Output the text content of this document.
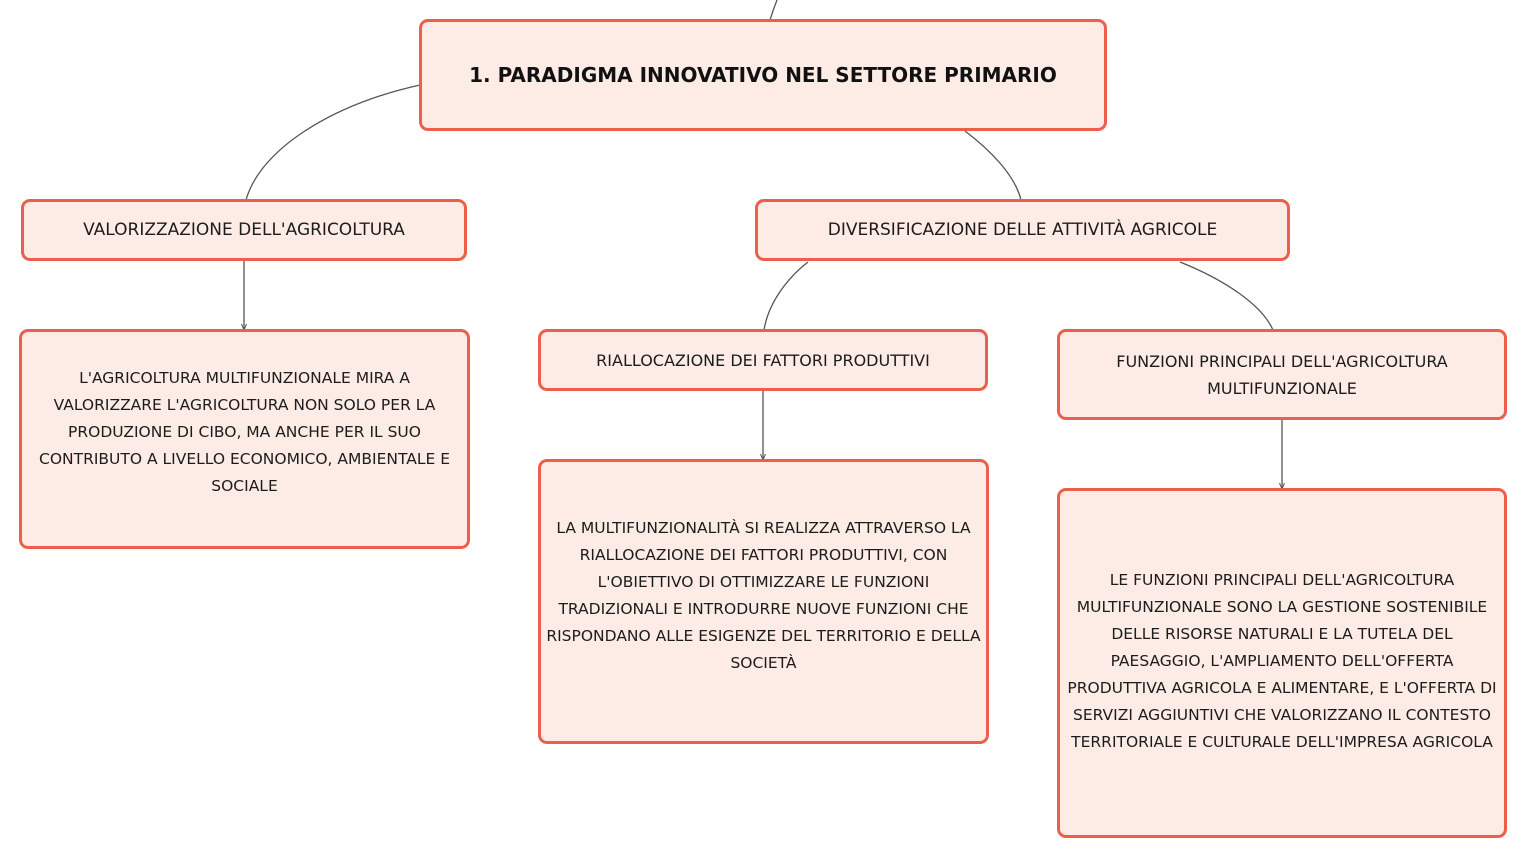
1. PARADIGMA INNOVATIVO NEL SETTORE PRIMARIO
VALORIZZAZIONE DELL'AGRICOLTURA	DIVERSIFICAZIONE DELLE ATTIVITÀ AGRICOLE
L'AGRICOLTURA MULTIFUNZIONALE MIRA A VALORIZZARE L'AGRICOLTURA NON SOLO PER LA PRODUZIONE DI CIBO, MA ANCHE PER IL SUO CONTRIBUTO A LIVELLO ECONOMICO, AMBIENTALE E SOCIALE
RIALLOCAZIONE DEI FATTORI PRODUTTIVI	FUNZIONI PRINCIPALI DELL'AGRICOLTURA MULTIFUNZIONALE
LA MULTIFUNZIONALITÀ SI REALIZZA ATTRAVERSO LA RIALLOCAZIONE DEI FATTORI PRODUTTIVI, CON L'OBIETTIVO DI OTTIMIZZARE LE FUNZIONI TRADIZIONALI E INTRODURRE NUOVE FUNZIONI CHE RISPONDANO ALLE ESIGENZE DEL TERRITORIO E DELLA SOCIETÀ
LE FUNZIONI PRINCIPALI DELL'AGRICOLTURA MULTIFUNZIONALE SONO LA GESTIONE SOSTENIBILE DELLE RISORSE NATURALI E LA TUTELA DEL PAESAGGIO, L'AMPLIAMENTO DELL'OFFERTA PRODUTTIVA AGRICOLA E ALIMENTARE, E L'OFFERTA DI SERVIZI AGGIUNTIVI CHE VALORIZZANO IL CONTESTO TERRITORIALE E CULTURALE DELL'IMPRESA AGRICOLA
